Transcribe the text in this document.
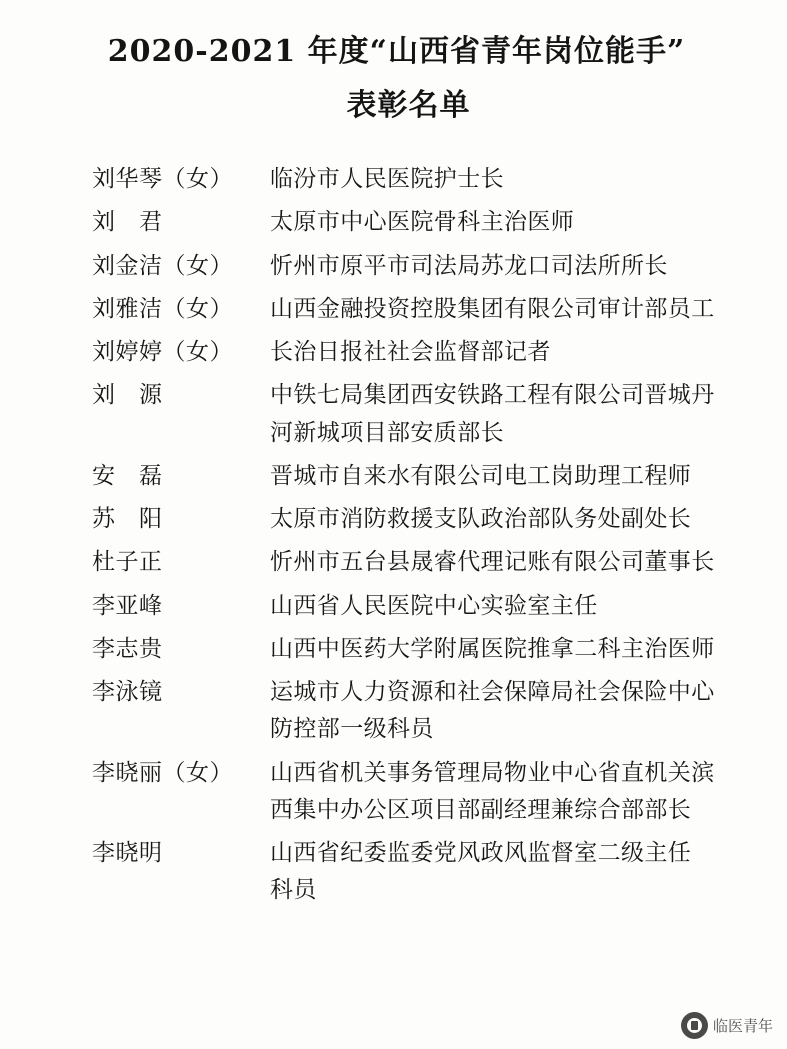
2020-2021 年度“山西省青年岗位能手”
表彰名单
刘华琴（女）	临汾市人民医院护士长
刘　君	太原市中心医院骨科主治医师
刘金洁（女）	忻州市原平市司法局苏龙口司法所所长
刘雅洁（女）	山西金融投资控股集团有限公司审计部员工
刘婷婷（女）	长治日报社社会监督部记者
刘　源	中铁七局集团西安铁路工程有限公司晋城丹
河新城项目部安质部长
安　磊	晋城市自来水有限公司电工岗助理工程师
苏　阳	太原市消防救援支队政治部队务处副处长
杜子正	忻州市五台县晟睿代理记账有限公司董事长
李亚峰	山西省人民医院中心实验室主任
李志贵	山西中医药大学附属医院推拿二科主治医师
李泳镜	运城市人力资源和社会保障局社会保险中心
防控部一级科员
李晓丽（女）	山西省机关事务管理局物业中心省直机关滨
西集中办公区项目部副经理兼综合部部长
李晓明	山西省纪委监委党风政风监督室二级主任
科员
临医青年
